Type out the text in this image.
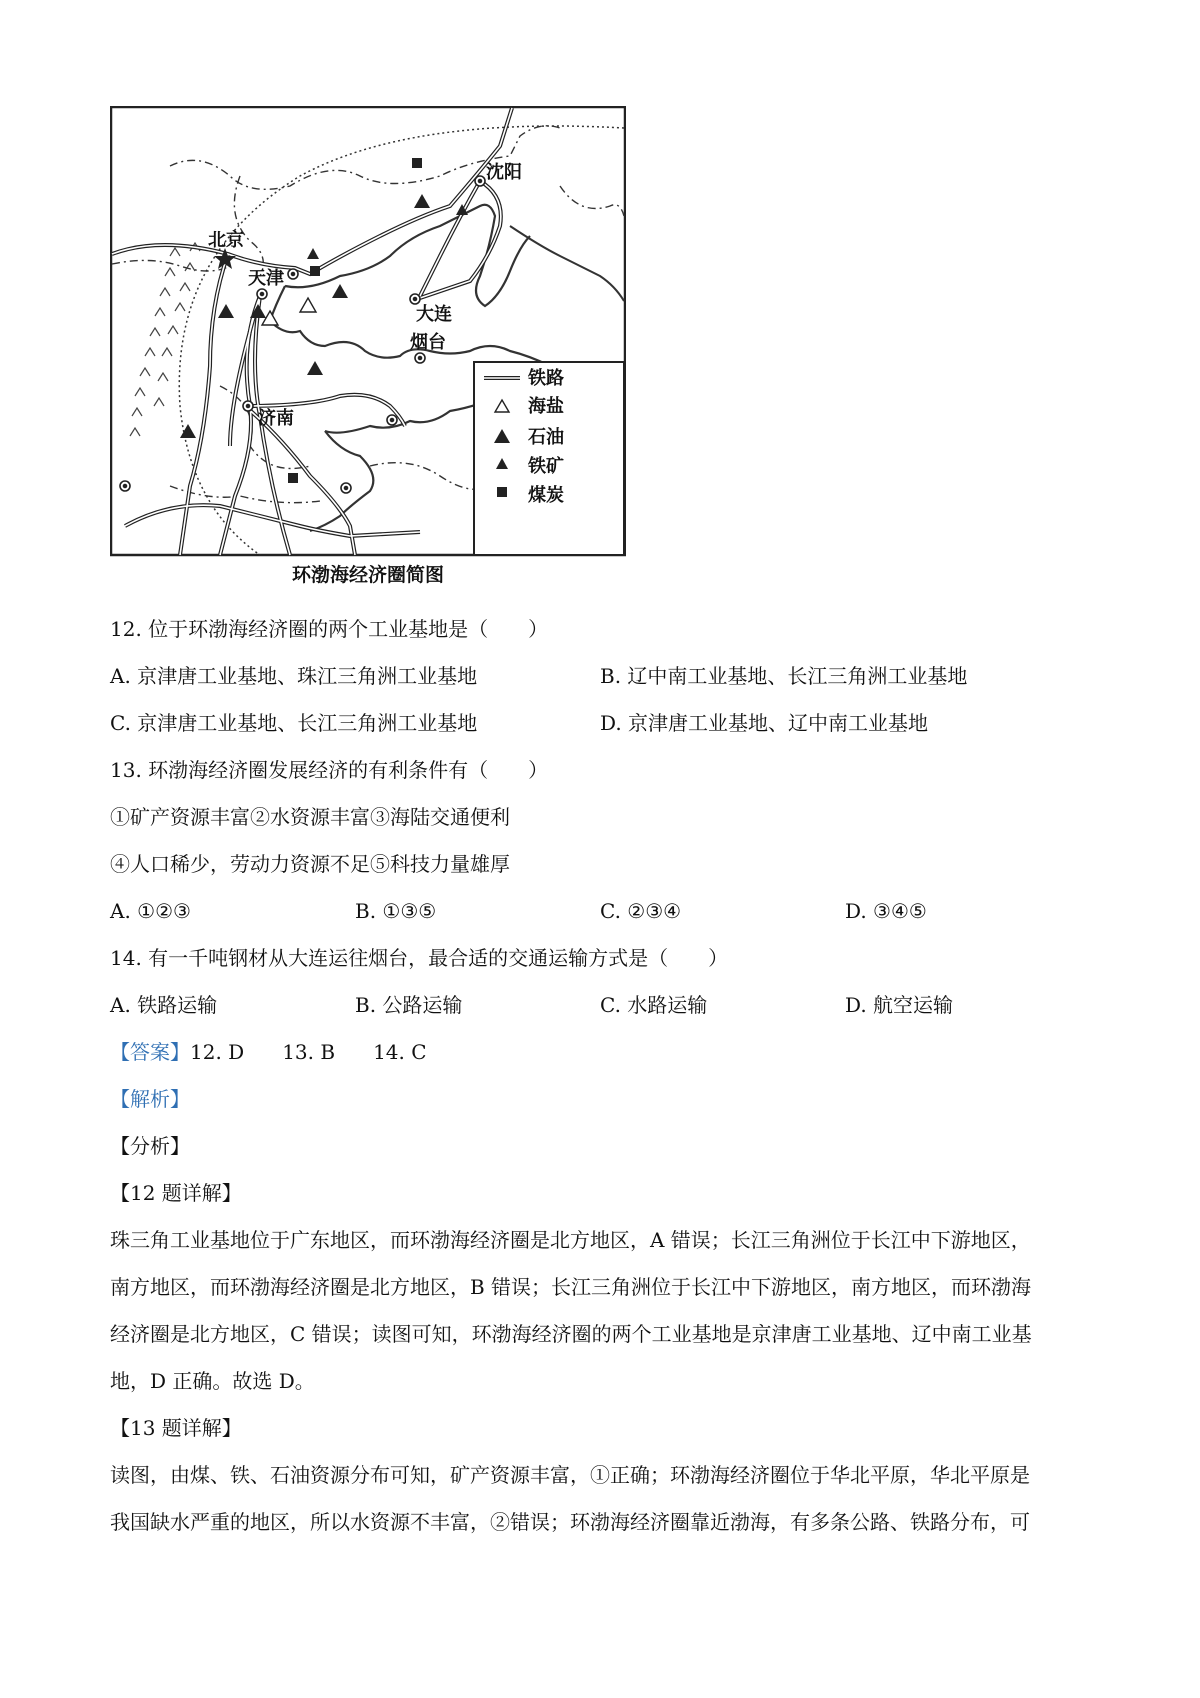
沈阳
北京
天津
大连
烟台
济南
铁路
海盐
石油
铁矿
煤炭
环渤海经济圈简图
12. 位于环渤海经济圈的两个工业基地是（　　）
A. 京津唐工业基地、珠江三角洲工业基地	B. 辽中南工业基地、长江三角洲工业基地
C. 京津唐工业基地、长江三角洲工业基地	D. 京津唐工业基地、辽中南工业基地
13. 环渤海经济圈发展经济的有利条件有（　　）
①矿产资源丰富②水资源丰富③海陆交通便利
④人口稀少，劳动力资源不足⑤科技力量雄厚
A. ①②③	B. ①③⑤	C. ②③④	D. ③④⑤
14. 有一千吨钢材从大连运往烟台，最合适的交通运输方式是（　　）
A. 铁路运输	B. 公路运输	C. 水路运输	D. 航空运输
【答案】12. D 13. B 14. C
【解析】
【分析】
【12 题详解】
珠三角工业基地位于广东地区，而环渤海经济圈是北方地区，A 错误；长江三角洲位于长江中下游地区，
南方地区，而环渤海经济圈是北方地区，B 错误；长江三角洲位于长江中下游地区，南方地区，而环渤海
经济圈是北方地区，C 错误；读图可知，环渤海经济圈的两个工业基地是京津唐工业基地、辽中南工业基
地，D 正确。故选 D。
【13 题详解】
读图，由煤、铁、石油资源分布可知，矿产资源丰富，①正确；环渤海经济圈位于华北平原，华北平原是
我国缺水严重的地区，所以水资源不丰富，②错误；环渤海经济圈靠近渤海，有多条公路、铁路分布，可
